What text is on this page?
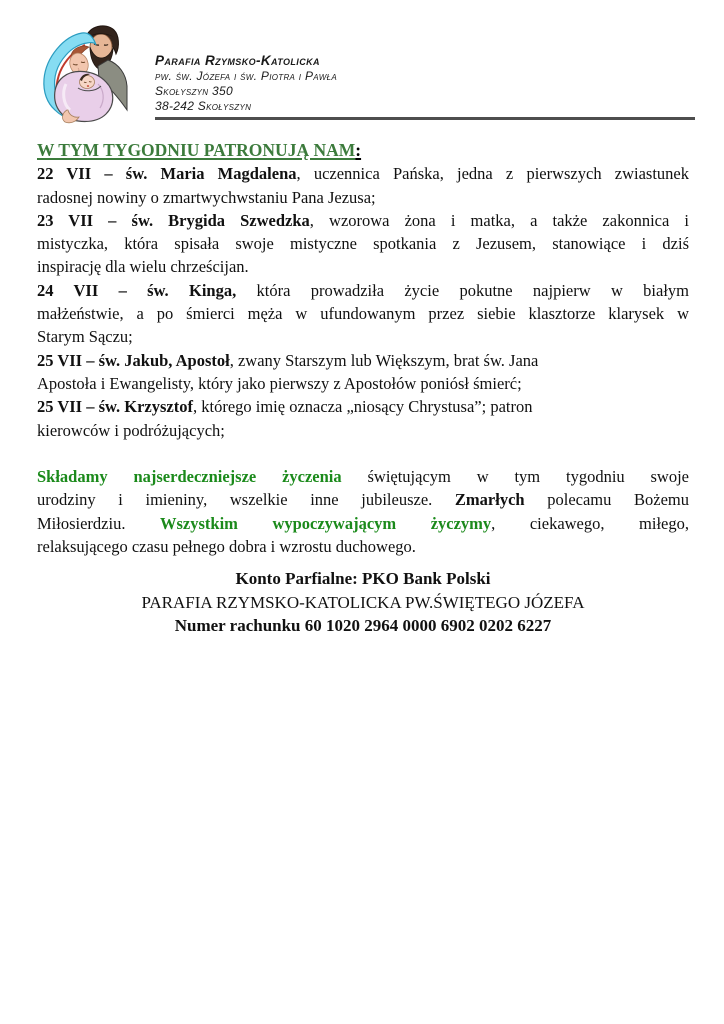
Parafia Rzymsko-Katolicka
pw. św. Józefa i św. Piotra i Pawła
Skołyszyn 350
38-242 Skołyszyn
W TYM TYGODNIU PATRONUJĄ NAM:
22 VII – św. Maria Magdalena, uczennica Pańska, jedna z pierwszych zwiastunek
radosnej nowiny o zmartwychwstaniu Pana Jezusa;
23 VII – św. Brygida Szwedzka, wzorowa żona i matka, a także zakonnica i
mistyczka, która spisała swoje mistyczne spotkania z Jezusem, stanowiące i dziś
inspirację dla wielu chrześcijan.
24 VII – św. Kinga, która prowadziła życie pokutne najpierw w białym
małżeństwie, a po śmierci męża w ufundowanym przez siebie klasztorze klarysek w
Starym Sączu;
25 VII – św. Jakub, Apostoł, zwany Starszym lub Większym, brat św. Jana
Apostoła i Ewangelisty, który jako pierwszy z Apostołów poniósł śmierć;
25 VII – św. Krzysztof, którego imię oznacza „niosący Chrystusa”; patron
kierowców i podróżujących;
Składamy najserdeczniejsze życzenia świętującym w tym tygodniu swoje
urodziny i imieniny, wszelkie inne jubileusze. Zmarłych polecamu Bożemu
Miłosierdziu. Wszystkim wypoczywającym życzymy, ciekawego, miłego,
relaksującego czasu pełnego dobra i wzrostu duchowego.
Konto Parfialne: PKO Bank Polski
PARAFIA RZYMSKO-KATOLICKA PW.ŚWIĘTEGO JÓZEFA
Numer rachunku 60 1020 2964 0000 6902 0202 6227
